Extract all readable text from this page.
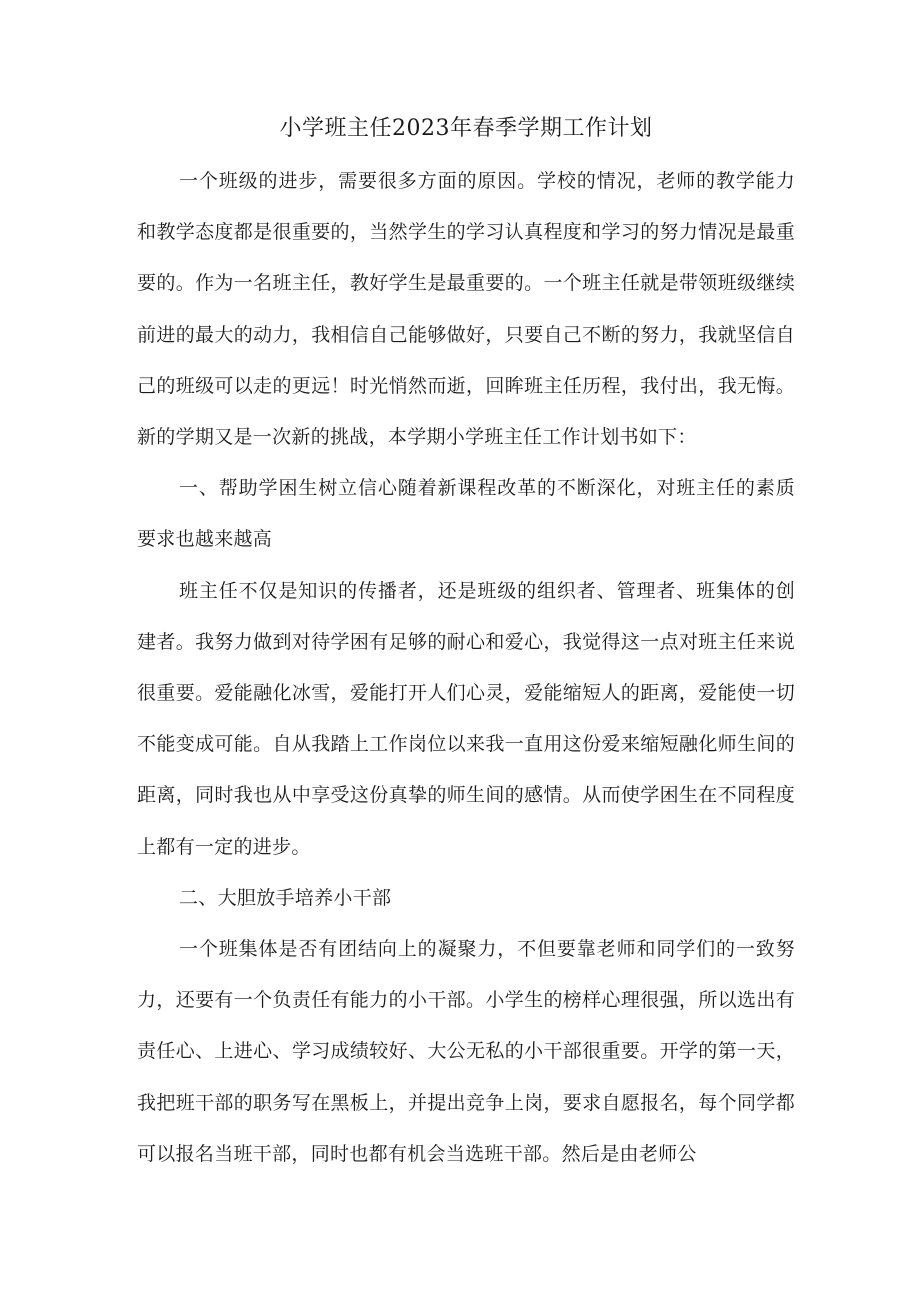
小学班主任2023年春季学期工作计划

一个班级的进步，需要很多方面的原因。学校的情况，老师的教学能力和教学态度都是很重要的，当然学生的学习认真程度和学习的努力情况是最重要的。作为一名班主任，教好学生是最重要的。一个班主任就是带领班级继续前进的最大的动力，我相信自己能够做好，只要自己不断的努力，我就坚信自己的班级可以走的更远！时光悄然而逝，回眸班主任历程，我付出，我无悔。新的学期又是一次新的挑战，本学期小学班主任工作计划书如下：

一、帮助学困生树立信心随着新课程改革的不断深化，对班主任的素质要求也越来越高

班主任不仅是知识的传播者，还是班级的组织者、管理者、班集体的创建者。我努力做到对待学困有足够的耐心和爱心，我觉得这一点对班主任来说很重要。爱能融化冰雪，爱能打开人们心灵，爱能缩短人的距离，爱能使一切不能变成可能。自从我踏上工作岗位以来我一直用这份爱来缩短融化师生间的距离，同时我也从中享受这份真挚的师生间的感情。从而使学困生在不同程度上都有一定的进步。

二、大胆放手培养小干部

一个班集体是否有团结向上的凝聚力，不但要靠老师和同学们的一致努力，还要有一个负责任有能力的小干部。小学生的榜样心理很强，所以选出有责任心、上进心、学习成绩较好、大公无私的小干部很重要。开学的第一天，我把班干部的职务写在黑板上，并提出竞争上岗，要求自愿报名，每个同学都可以报名当班干部，同时也都有机会当选班干部。然后是由老师公
